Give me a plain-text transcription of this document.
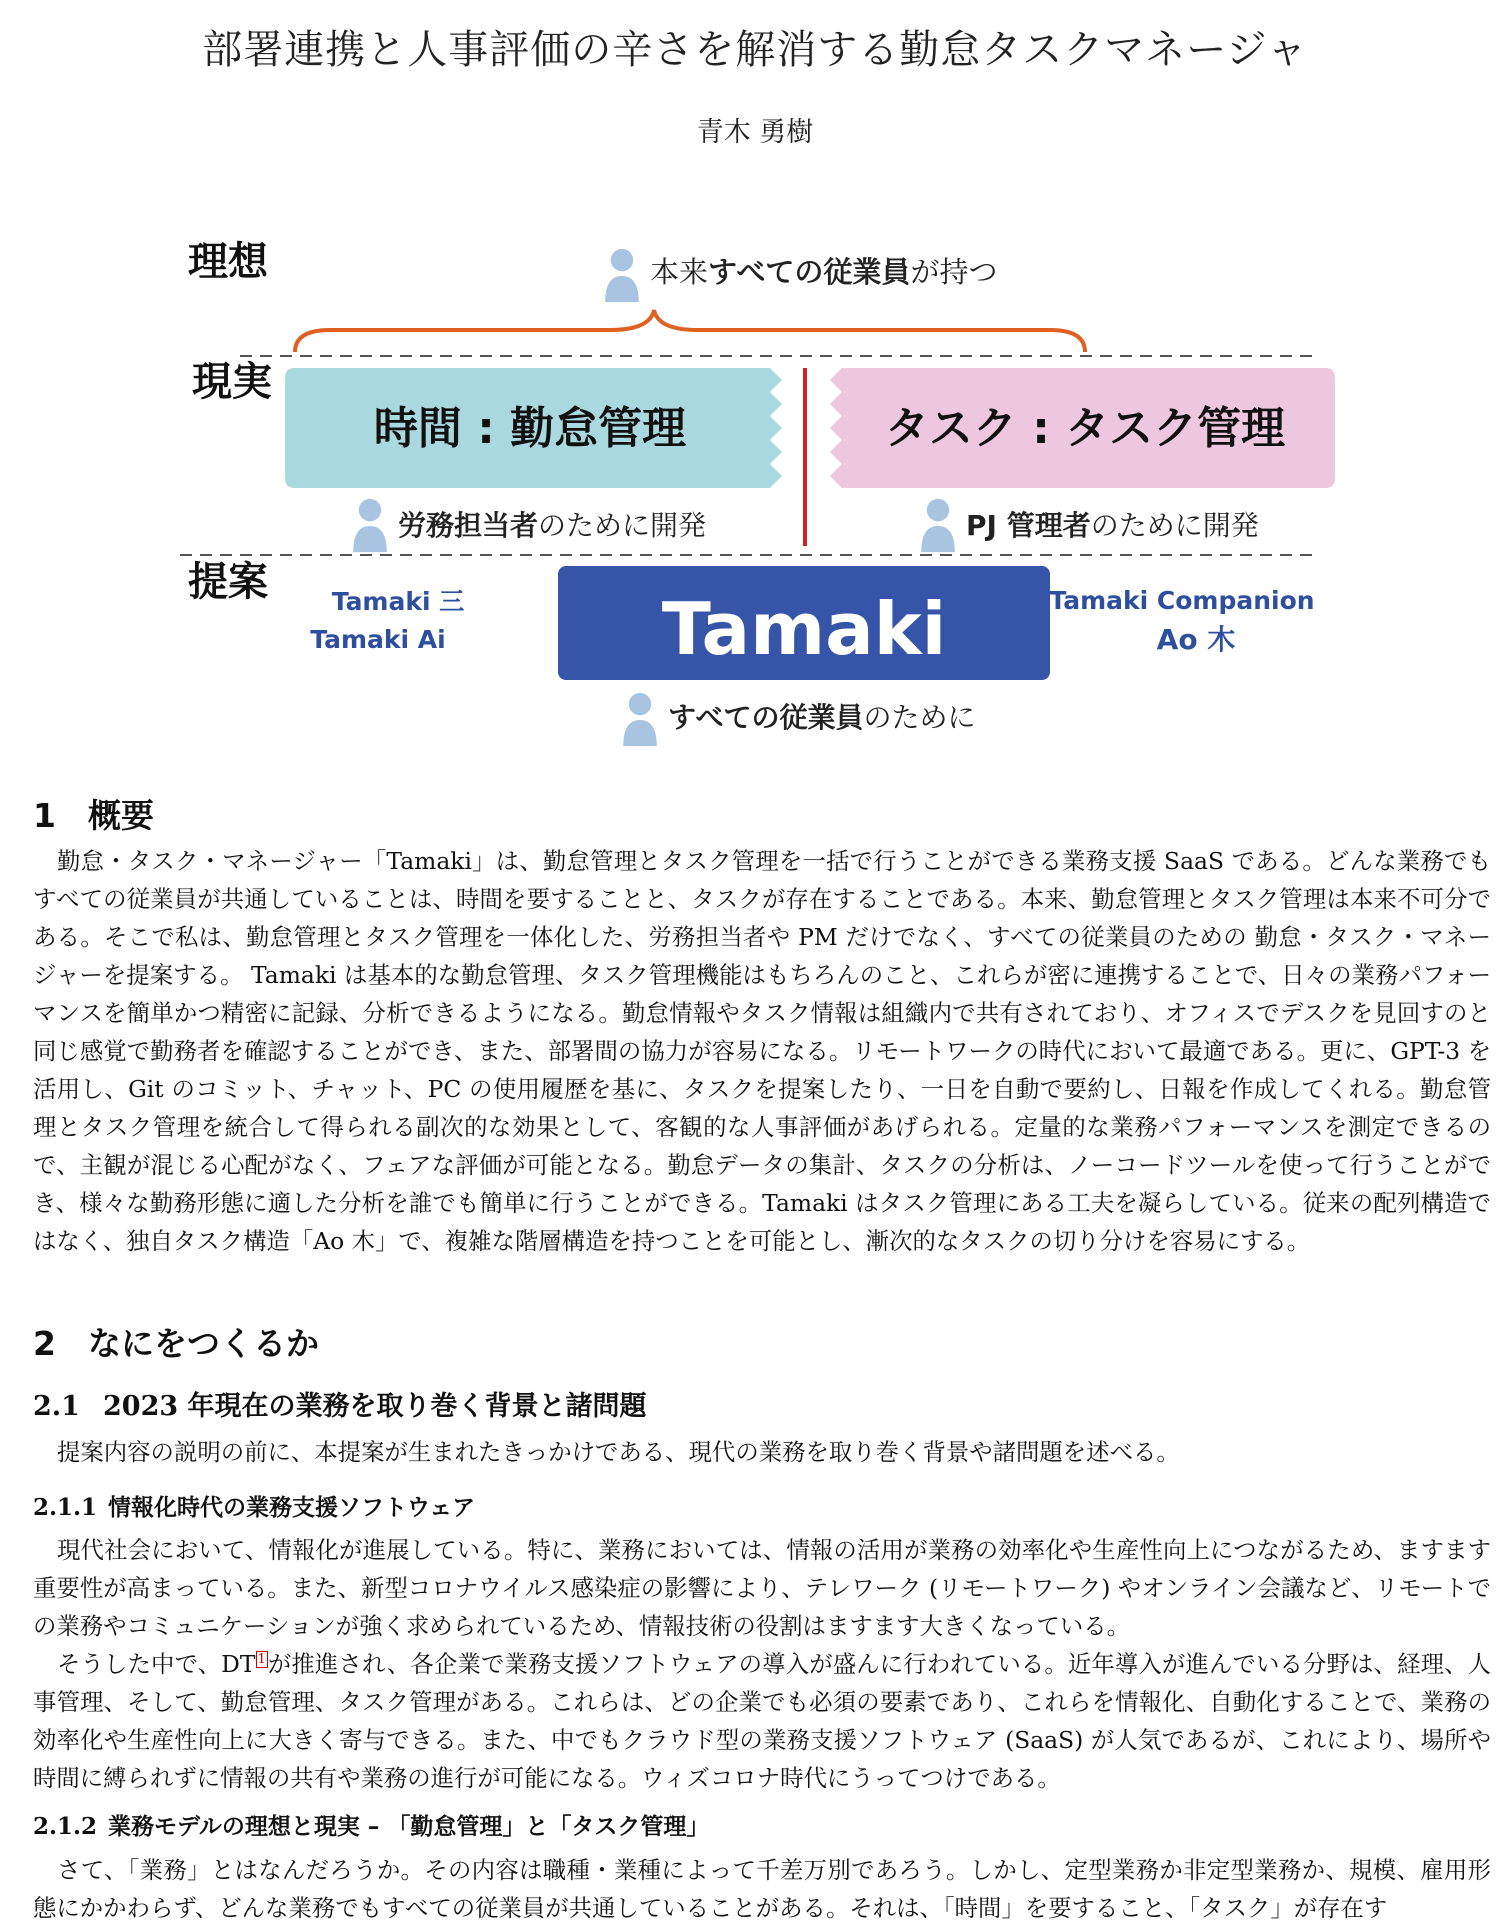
部署連携と人事評価の辛さを解消する勤怠タスクマネージャ
青木 勇樹
理想
現実
提案
本来すべての従業員が持つ
時間 : 勤怠管理	タスク : タスク管理
労務担当者のために開発	PJ 管理者のために開発
Tamaki 三
Tamaki Ai	Tamaki	Tamaki Companion
Ao 木
すべての従業員のために
1 概要
勤怠・タスク・マネージャー「Tamaki」は、勤怠管理とタスク管理を一括で行うことができる業務支援 SaaS である。どんな業務でもすべての従業員が共通していることは、時間を要することと、タスクが存在することである。本来、勤怠管理とタスク管理は本来不可分である。そこで私は、勤怠管理とタスク管理を一体化した、労務担当者や PM だけでなく、すべての従業員のための 勤怠・タスク・マネージャーを提案する。 Tamaki は基本的な勤怠管理、タスク管理機能はもちろんのこと、これらが密に連携することで、日々の業務パフォーマンスを簡単かつ精密に記録、分析できるようになる。勤怠情報やタスク情報は組織内で共有されており、オフィスでデスクを見回すのと同じ感覚で勤務者を確認することができ、また、部署間の協力が容易になる。リモートワークの時代において最適である。更に、GPT-3 を活用し、Git のコミット、チャット、PC の使用履歴を基に、タスクを提案したり、一日を自動で要約し、日報を作成してくれる。勤怠管理とタスク管理を統合して得られる副次的な効果として、客観的な人事評価があげられる。定量的な業務パフォーマンスを測定できるので、主観が混じる心配がなく、フェアな評価が可能となる。勤怠データの集計、タスクの分析は、ノーコードツールを使って行うことができ、様々な勤務形態に適した分析を誰でも簡単に行うことができる。Tamaki はタスク管理にある工夫を凝らしている。従来の配列構造ではなく、独自タスク構造「Ao 木」で、複雑な階層構造を持つことを可能とし、漸次的なタスクの切り分けを容易にする。
2 なにをつくるか
2.1 2023 年現在の業務を取り巻く背景と諸問題
提案内容の説明の前に、本提案が生まれたきっかけである、現代の業務を取り巻く背景や諸問題を述べる。
2.1.1 情報化時代の業務支援ソフトウェア
現代社会において、情報化が進展している。特に、業務においては、情報の活用が業務の効率化や生産性向上につながるため、ますます重要性が高まっている。また、新型コロナウイルス感染症の影響により、テレワーク (リモートワーク) やオンライン会議など、リモートでの業務やコミュニケーションが強く求められているため、情報技術の役割はますます大きくなっている。
そうした中で、DT $^1$が推進され、各企業で業務支援ソフトウェアの導入が盛んに行われている。近年導入が進んでいる分野は、経理、人事管理、そして、勤怠管理、タスク管理がある。これらは、どの企業でも必須の要素であり、これらを情報化、自動化することで、業務の効率化や生産性向上に大きく寄与できる。また、中でもクラウド型の業務支援ソフトウェア (SaaS) が人気であるが、これにより、場所や時間に縛られずに情報の共有や業務の進行が可能になる。ウィズコロナ時代にうってつけである。
2.1.2 業務モデルの理想と現実 – 「勤怠管理」と「タスク管理」
さて、「業務」とはなんだろうか。その内容は職種・業種によって千差万別であろう。しかし、定型業務か非定型業務か、規模、雇用形態にかかわらず、どんな業務でもすべての従業員が共通していることがある。それは、「時間」を要すること、「タスク」が存在す
